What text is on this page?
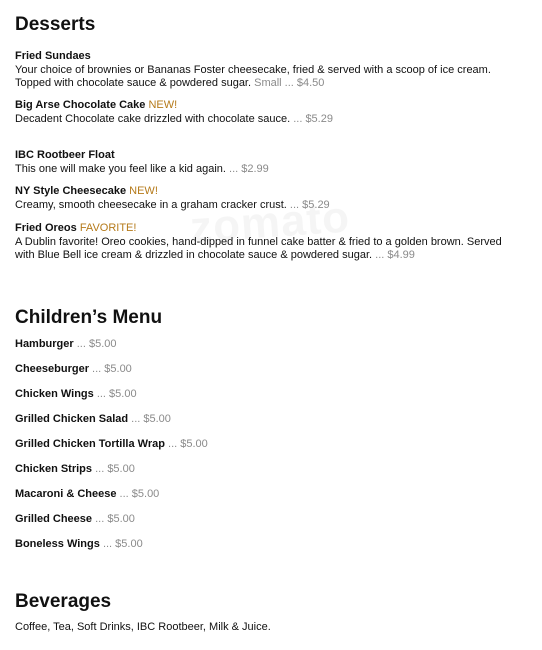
Desserts
Fried Sundaes
Your choice of brownies or Bananas Foster cheesecake, fried & served with a scoop of ice cream. Topped with chocolate sauce & powdered sugar. Small ... $4.50
Big Arse Chocolate Cake NEW!
Decadent Chocolate cake drizzled with chocolate sauce. ... $5.29
IBC Rootbeer Float
This one will make you feel like a kid again. ... $2.99
NY Style Cheesecake NEW!
Creamy, smooth cheesecake in a graham cracker crust. ... $5.29
Fried Oreos FAVORITE!
A Dublin favorite! Oreo cookies, hand-dipped in funnel cake batter & fried to a golden brown. Served with Blue Bell ice cream & drizzled in chocolate sauce & powdered sugar. ... $4.99
Children’s Menu
Hamburger ... $5.00
Cheeseburger ... $5.00
Chicken Wings ... $5.00
Grilled Chicken Salad ... $5.00
Grilled Chicken Tortilla Wrap ... $5.00
Chicken Strips ... $5.00
Macaroni & Cheese ... $5.00
Grilled Cheese ... $5.00
Boneless Wings ... $5.00
Beverages
Coffee, Tea, Soft Drinks, IBC Rootbeer, Milk & Juice.
